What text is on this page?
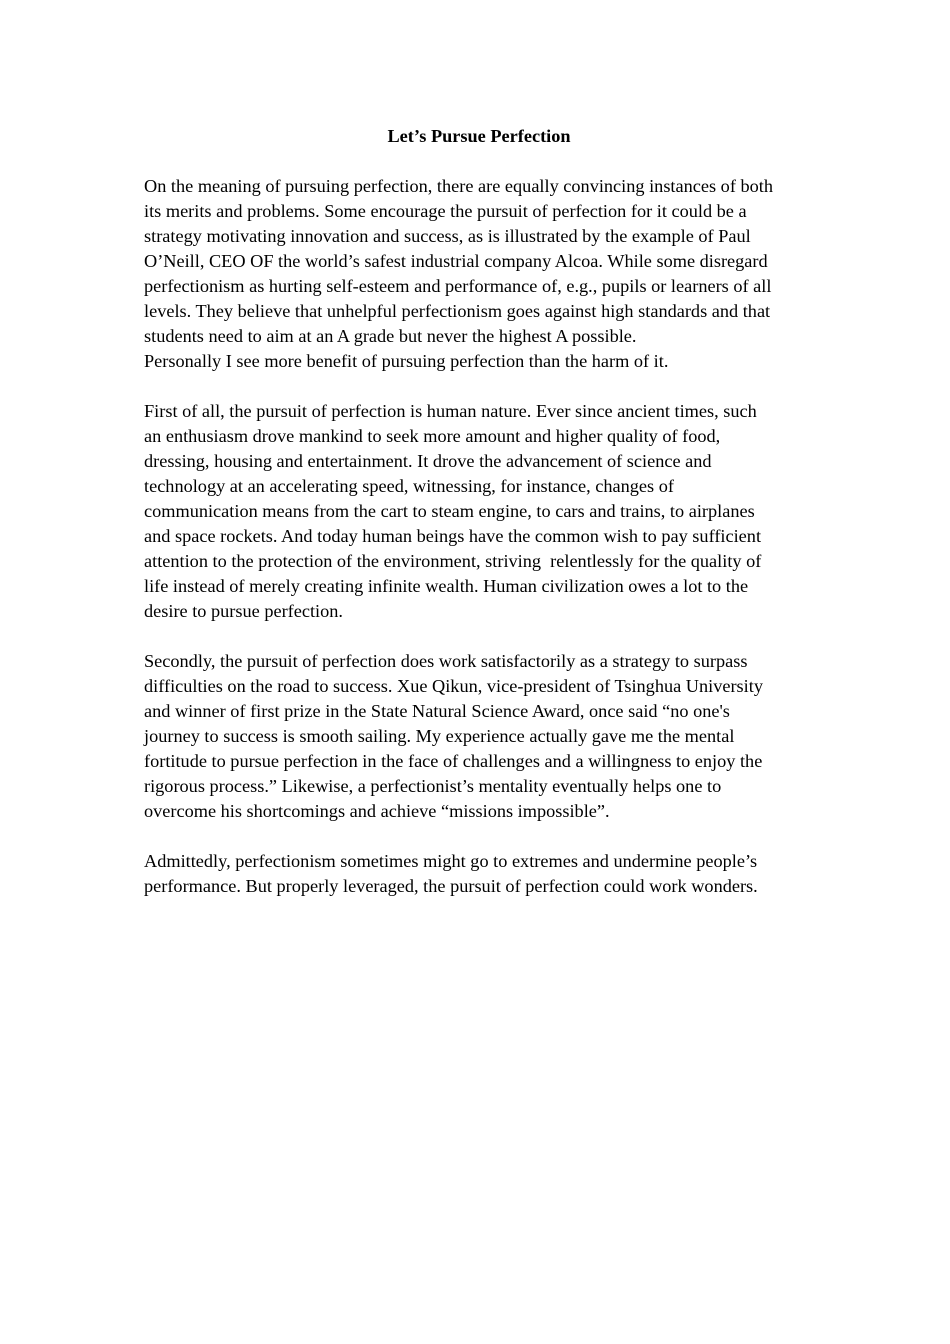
Let’s Pursue Perfection

On the meaning of pursuing perfection, there are equally convincing instances of both
its merits and problems. Some encourage the pursuit of perfection for it could be a
strategy motivating innovation and success, as is illustrated by the example of Paul
O’Neill, CEO OF the world’s safest industrial company Alcoa. While some disregard
perfectionism as hurting self-esteem and performance of, e.g., pupils or learners of all
levels. They believe that unhelpful perfectionism goes against high standards and that
students need to aim at an A grade but never the highest A possible.
Personally I see more benefit of pursuing perfection than the harm of it.

First of all, the pursuit of perfection is human nature. Ever since ancient times, such
an enthusiasm drove mankind to seek more amount and higher quality of food,
dressing, housing and entertainment. It drove the advancement of science and
technology at an accelerating speed, witnessing, for instance, changes of
communication means from the cart to steam engine, to cars and trains, to airplanes
and space rockets. And today human beings have the common wish to pay sufficient
attention to the protection of the environment, striving  relentlessly for the quality of
life instead of merely creating infinite wealth. Human civilization owes a lot to the
desire to pursue perfection.

Secondly, the pursuit of perfection does work satisfactorily as a strategy to surpass
difficulties on the road to success. Xue Qikun, vice-president of Tsinghua University
and winner of first prize in the State Natural Science Award, once said “no one's
journey to success is smooth sailing. My experience actually gave me the mental
fortitude to pursue perfection in the face of challenges and a willingness to enjoy the
rigorous process.” Likewise, a perfectionist’s mentality eventually helps one to
overcome his shortcomings and achieve “missions impossible”.

Admittedly, perfectionism sometimes might go to extremes and undermine people’s
performance. But properly leveraged, the pursuit of perfection could work wonders.
